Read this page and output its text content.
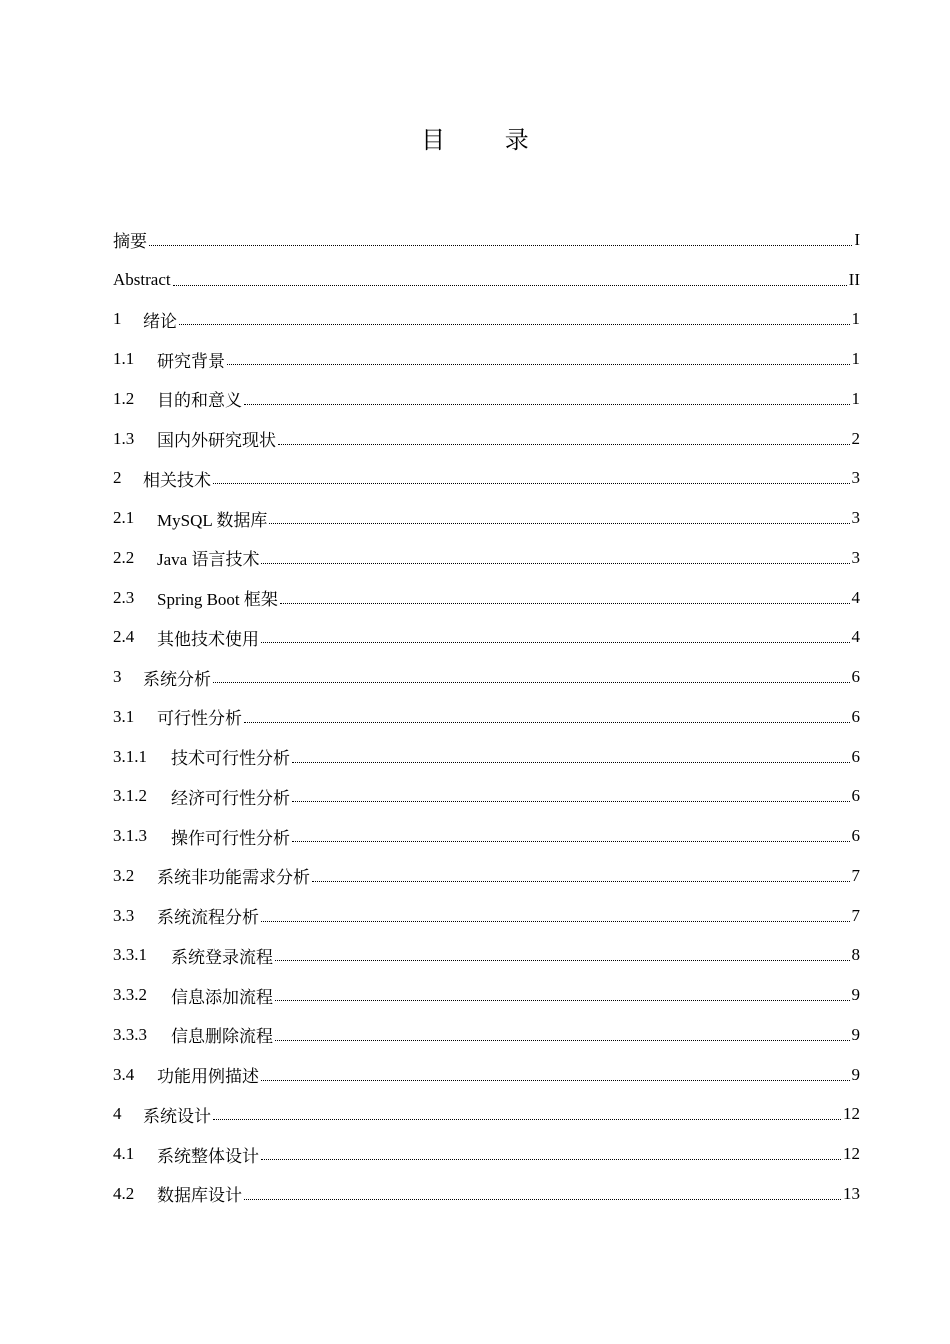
目 录
摘要	I
Abstract	II
1	绪论	1
1.1	研究背景	1
1.2	目的和意义	1
1.3	国内外研究现状	2
2	相关技术	3
2.1	MySQL 数据库	3
2.2	Java 语言技术	3
2.3	Spring Boot 框架	4
2.4	其他技术使用	4
3	系统分析	6
3.1	可行性分析	6
3.1.1	技术可行性分析	6
3.1.2	经济可行性分析	6
3.1.3	操作可行性分析	6
3.2	系统非功能需求分析	7
3.3	系统流程分析	7
3.3.1	系统登录流程	8
3.3.2	信息添加流程	9
3.3.3	信息删除流程	9
3.4	功能用例描述	9
4	系统设计	12
4.1	系统整体设计	12
4.2	数据库设计	13
